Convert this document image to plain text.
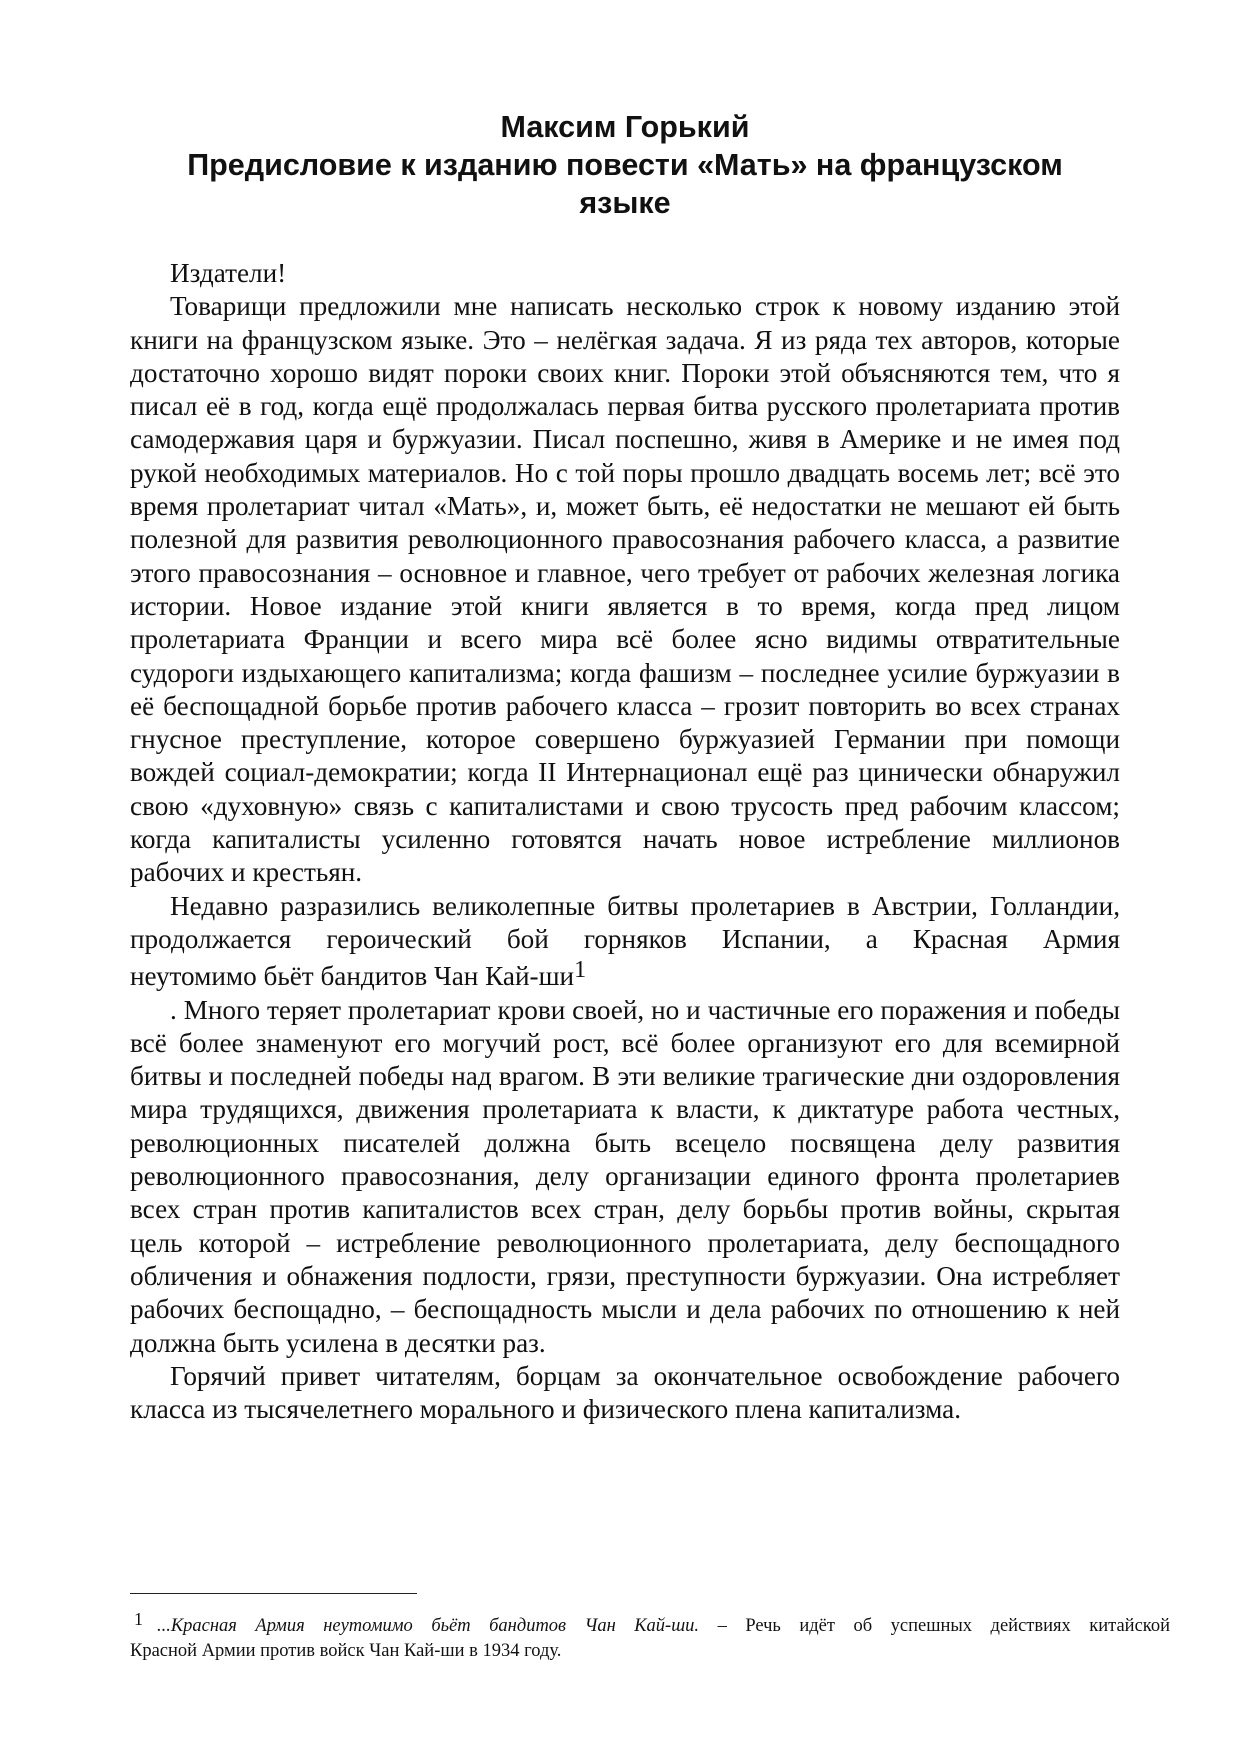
Максим Горький
Предисловие к изданию повести «Мать» на французском
языке

Издатели!

Товарищи предложили мне написать несколько строк к новому изданию этой книги на французском языке. Это – нелёгкая задача. Я из ряда тех авторов, которые достаточно хорошо видят пороки своих книг. Пороки этой объясняются тем, что я писал её в год, когда ещё продолжалась первая битва русского пролетариата против самодержавия царя и буржуазии. Писал поспешно, живя в Америке и не имея под рукой необходимых материалов. Но с той поры прошло двадцать восемь лет; всё это время пролетариат читал «Мать», и, может быть, её недостатки не мешают ей быть полезной для развития революционного правосознания рабочего класса, а развитие этого правосознания – основное и главное, чего требует от рабочих железная логика истории. Новое издание этой книги является в то время, когда пред лицом пролетариата Франции и всего мира всё более ясно видимы отвратительные судороги издыхающего капитализма; когда фашизм – последнее усилие буржуазии в её беспощадной борьбе против рабочего класса – грозит повторить во всех странах гнусное преступление, которое совершено буржуазией Германии при помощи вождей социал-демократии; когда II Интернационал ещё раз цинически обнаружил свою «духовную» связь с капиталистами и свою трусость пред рабочим классом; когда капиталисты усиленно готовятся начать новое истребление миллионов рабочих и крестьян.

Недавно разразились великолепные битвы пролетариев в Австрии, Голландии, продолжается героический бой горняков Испании, а Красная Армия

неутомимо бьёт бандитов Чан Кай-ши1

. Много теряет пролетариат крови своей, но и частичные его поражения и победы всё более знаменуют его могучий рост, всё более организуют его для всемирной битвы и последней победы над врагом. В эти великие трагические дни оздоровления мира трудящихся, движения пролетариата к власти, к диктатуре работа честных, революционных писателей должна быть всецело посвящена делу развития революционного правосознания, делу организации единого фронта пролетариев всех стран против капиталистов всех стран, делу борьбы против войны, скрытая цель которой – истребление революционного пролетариата, делу беспощадного обличения и обнажения подлости, грязи, преступности буржуазии. Она истребляет рабочих беспощадно, – беспощадность мысли и дела рабочих по отношению к ней должна быть усилена в десятки раз.

Горячий привет читателям, борцам за окончательное освобождение рабочего класса из тысячелетнего морального и физического плена капитализма.

1 ...Красная Армия неутомимо бьёт бандитов Чан Кай-ши. – Речь идёт об успешных действиях китайской
Красной Армии против войск Чан Кай-ши в 1934 году.
